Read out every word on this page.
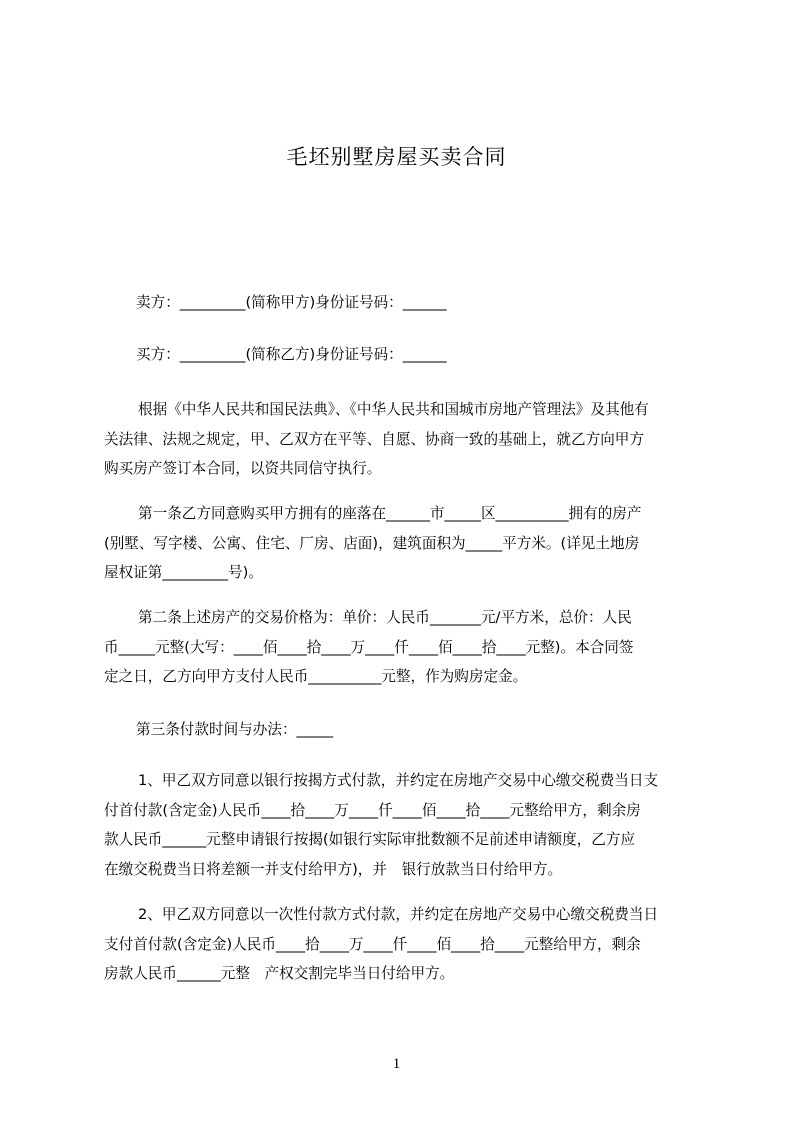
毛坯别墅房屋买卖合同
卖方：_________(简称甲方)身份证号码：______
买方：_________(简称乙方)身份证号码：______
根据《中华人民共和国民法典》、《中华人民共和国城市房地产管理法》及其他有
关法律、法规之规定，甲、乙双方在平等、自愿、协商一致的基础上，就乙方向甲方
购买房产签订本合同，以资共同信守执行。
第一条乙方同意购买甲方拥有的座落在______市_____区__________拥有的房产
(别墅、写字楼、公寓、住宅、厂房、店面)，建筑面积为_____平方米。(详见土地房
屋权证第_________号)。
第二条上述房产的交易价格为：单价：人民币_______元/平方米，总价：人民
币_____元整(大写：____佰____拾____万____仟____佰____拾____元整)。本合同签
定之日，乙方向甲方支付人民币__________元整，作为购房定金。
第三条付款时间与办法：_____
1、甲乙双方同意以银行按揭方式付款，并约定在房地产交易中心缴交税费当日支
付首付款(含定金)人民币____拾____万____仟____佰____拾____元整给甲方，剩余房
款人民币______元整申请银行按揭(如银行实际审批数额不足前述申请额度，乙方应
在缴交税费当日将差额一并支付给甲方)，并　银行放款当日付给甲方。
2、甲乙双方同意以一次性付款方式付款，并约定在房地产交易中心缴交税费当日
支付首付款(含定金)人民币____拾____万____仟____佰____拾____元整给甲方，剩余
房款人民币______元整　产权交割完毕当日付给甲方。
1
